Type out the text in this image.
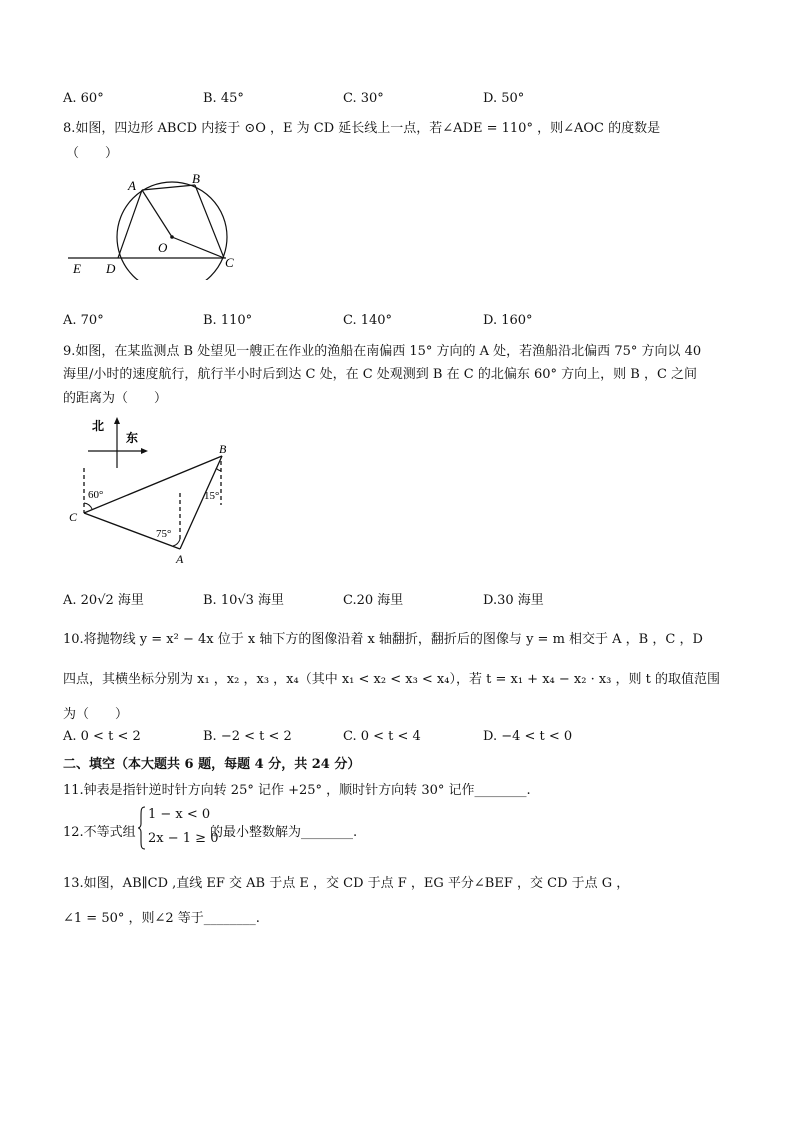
A. 60°	B. 45°	C. 30°	D. 50°
8.如图，四边形 ABCD 内接于 ⊙O ，E 为 CD 延长线上一点，若∠ADE = 110° ，则∠AOC 的度数是
（　　）
A	B
O
E D	C
A. 70°	B. 110°	C. 140°	D. 160°
9.如图，在某监测点 B 处望见一艘正在作业的渔船在南偏西 15° 方向的 A 处，若渔船沿北偏西 75° 方向以 40
海里/小时的速度航行，航行半小时后到达 C 处，在 C 处观测到 B 在 C 的北偏东 60° 方向上，则 B ，C 之间
的距离为（　　）
北
东
60°
75°
15°
B
C
A
A. 20√2 海里	B. 10√3 海里	C.20 海里	D.30 海里
10.将抛物线 y = x² − 4x 位于 x 轴下方的图像沿着 x 轴翻折，翻折后的图像与 y = m 相交于 A ，B ，C ，D
四点，其横坐标分别为 x₁ ，x₂ ，x₃ ，x₄（其中 x₁ < x₂ < x₃ < x₄），若 t = x₁ + x₄ − x₂ · x₃ ，则 t 的取值范围
为（　　）
A. 0 < t < 2	B. −2 < t < 2	C. 0 < t < 4	D. −4 < t < 0
二、填空（本大题共 6 题，每题 4 分，共 24 分）
11.钟表是指针逆时针方向转 25° 记作 +25° ，顺时针方向转 30° 记作________.
12.不等式组
1 − x < 0
2x − 1 ≥ 0
的最小整数解为________.
13.如图，AB∥CD ,直线 EF 交 AB 于点 E ，交 CD 于点 F ，EG 平分∠BEF ，交 CD 于点 G ，
∠1 = 50° ，则∠2 等于________.
